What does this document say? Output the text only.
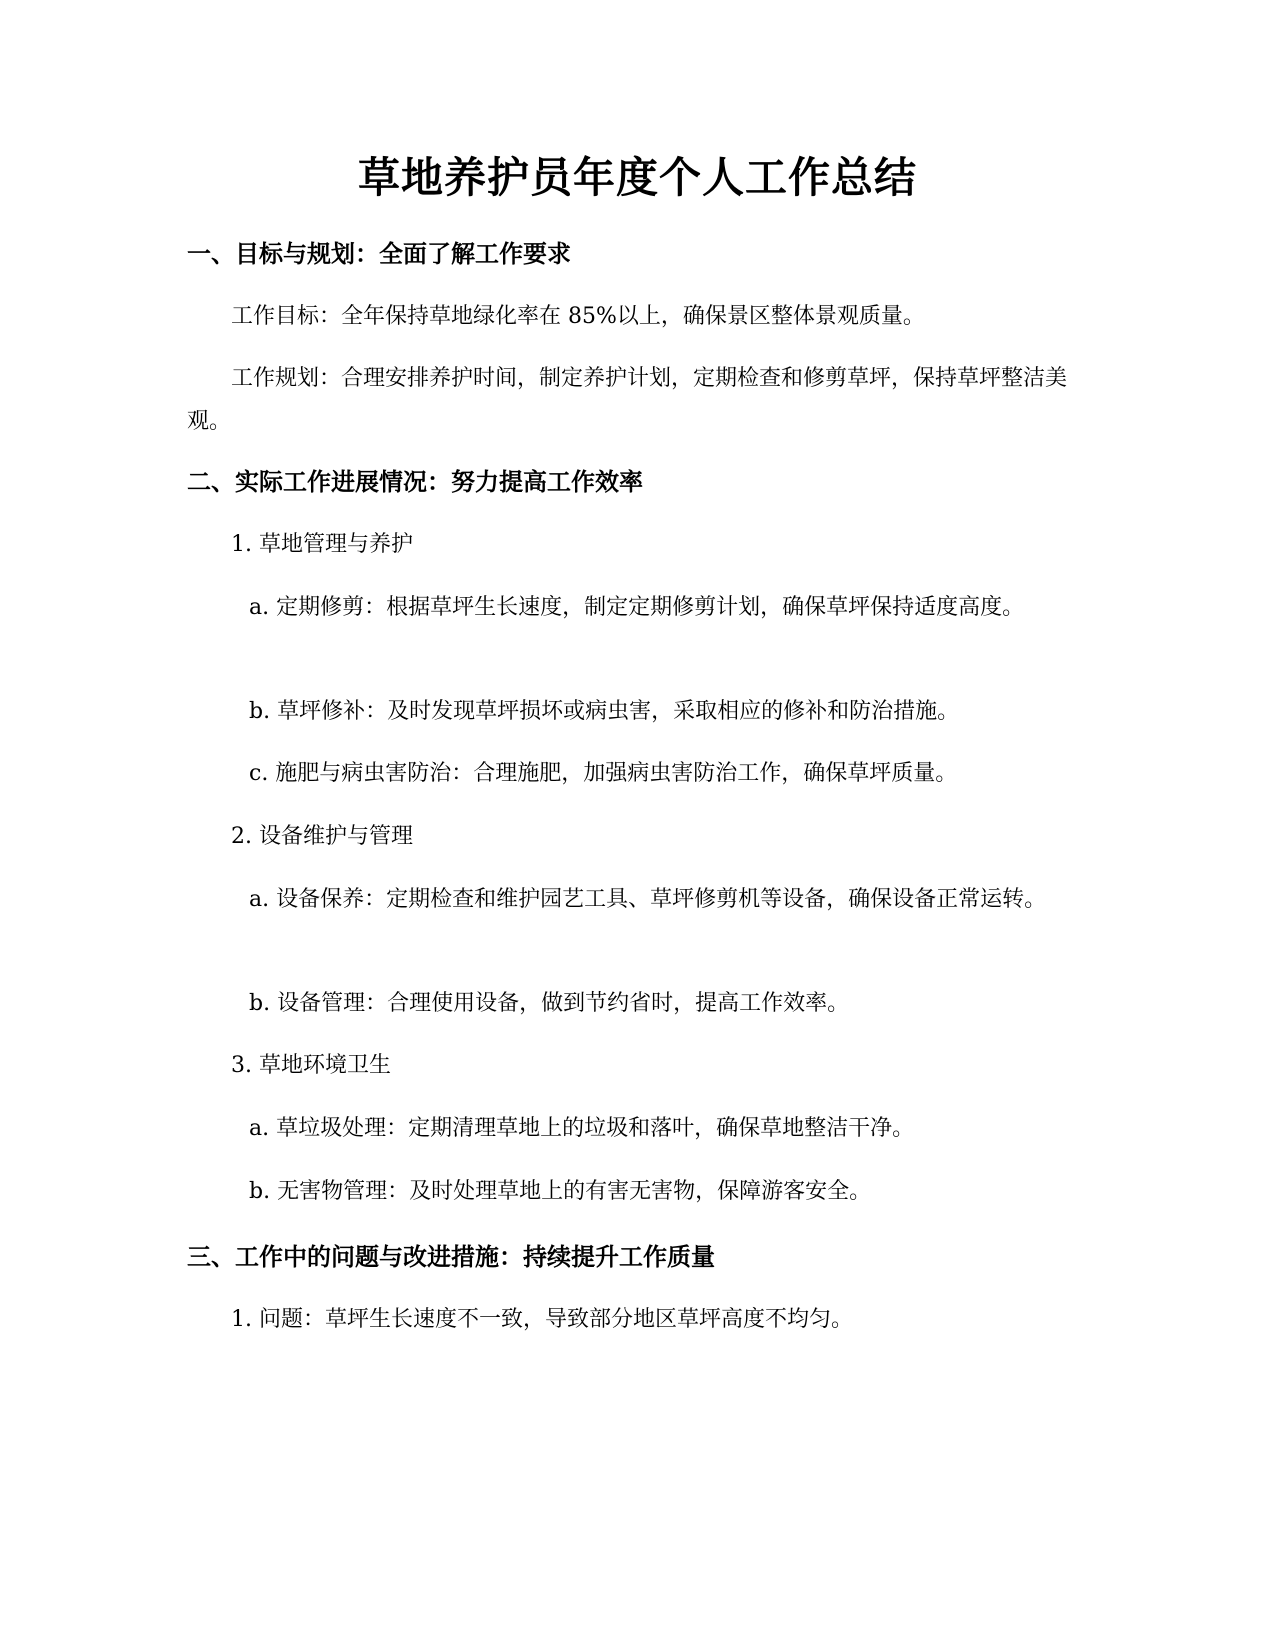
草地养护员年度个人工作总结
一、目标与规划：全面了解工作要求

工作目标：全年保持草地绿化率在 85%以上，确保景区整体景观质量。

工作规划：合理安排养护时间，制定养护计划，定期检查和修剪草坪，保持草坪整洁美观。

二、实际工作进展情况：努力提高工作效率

1. 草地管理与养护

a. 定期修剪：根据草坪生长速度，制定定期修剪计划，确保草坪保持适度高度。

b. 草坪修补：及时发现草坪损坏或病虫害，采取相应的修补和防治措施。

c. 施肥与病虫害防治：合理施肥，加强病虫害防治工作，确保草坪质量。

2. 设备维护与管理

a. 设备保养：定期检查和维护园艺工具、草坪修剪机等设备，确保设备正常运转。

b. 设备管理：合理使用设备，做到节约省时，提高工作效率。

3. 草地环境卫生

a. 草垃圾处理：定期清理草地上的垃圾和落叶，确保草地整洁干净。

b. 无害物管理：及时处理草地上的有害无害物，保障游客安全。

三、工作中的问题与改进措施：持续提升工作质量

1. 问题：草坪生长速度不一致，导致部分地区草坪高度不均匀。
